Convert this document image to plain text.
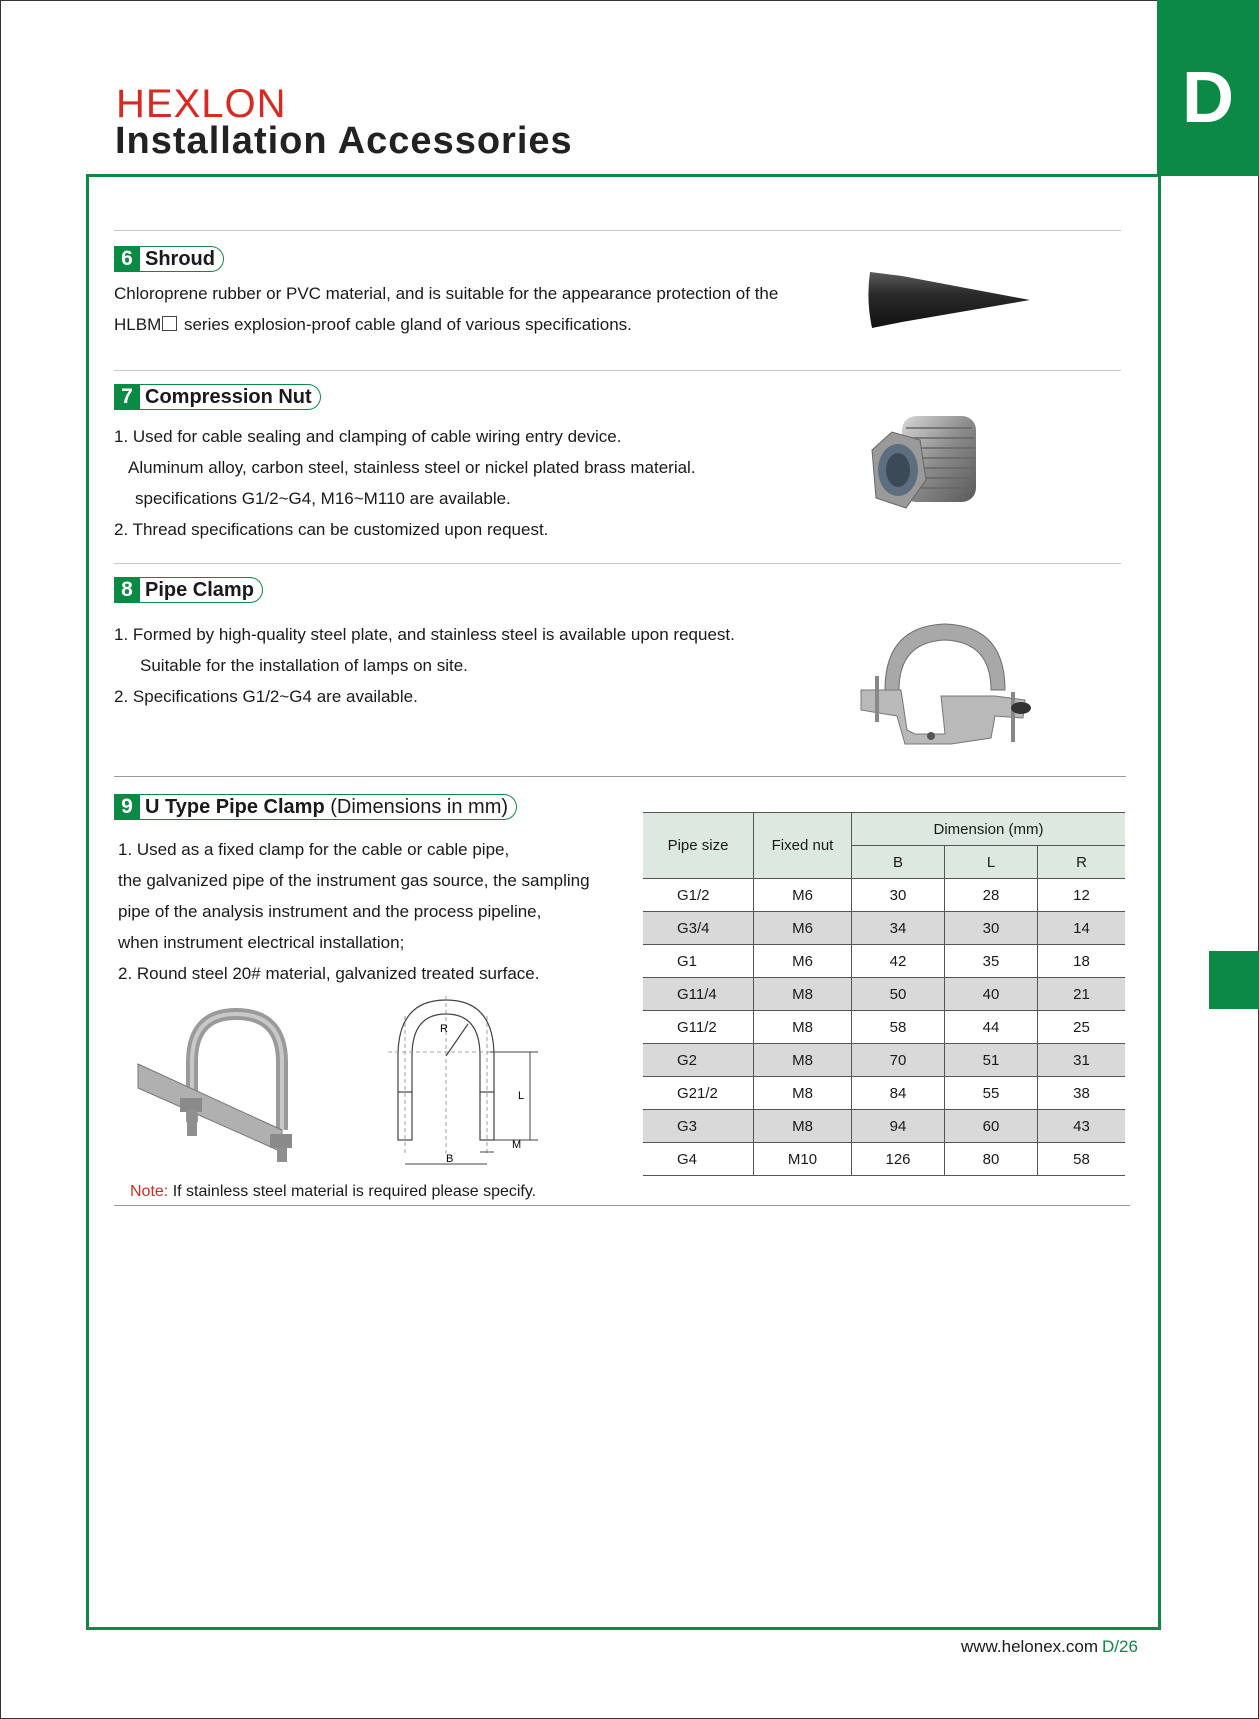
D
HEXLON
Installation Accessories
6 Shroud
Chloroprene rubber or PVC material, and is suitable for the appearance protection of the
HLBM series explosion-proof cable gland of various specifications.
7 Compression Nut
1. Used for cable sealing and clamping of cable wiring entry device.
Aluminum alloy, carbon steel, stainless steel or nickel plated brass material.
specifications G1/2~G4, M16~M110 are available.
2. Thread specifications can be customized upon request.
8 Pipe Clamp
1. Formed by high-quality steel plate, and stainless steel is available upon request.
Suitable for the installation of lamps on site.
2. Specifications G1/2~G4 are available.
9 U Type Pipe Clamp (Dimensions in mm)
1. Used as a fixed clamp for the cable or cable pipe,
the galvanized pipe of the instrument gas source, the sampling
pipe of the analysis instrument and the process pipeline,
when instrument electrical installation;
2. Round steel 20# material, galvanized treated surface.
R
L
B
M
Pipe size	Fixed nut	Dimension (mm)		
		B	L	R
G1/2	M6	30	28	12
G3/4	M6	34	30	14
G1	M6	42	35	18
G11/4	M8	50	40	21
G11/2	M8	58	44	25
G2	M8	70	51	31
G21/2	M8	84	55	38
G3	M8	94	60	43
G4	M10	126	80	58
Note: If stainless steel material is required please specify.
www.helonex.com D/26
